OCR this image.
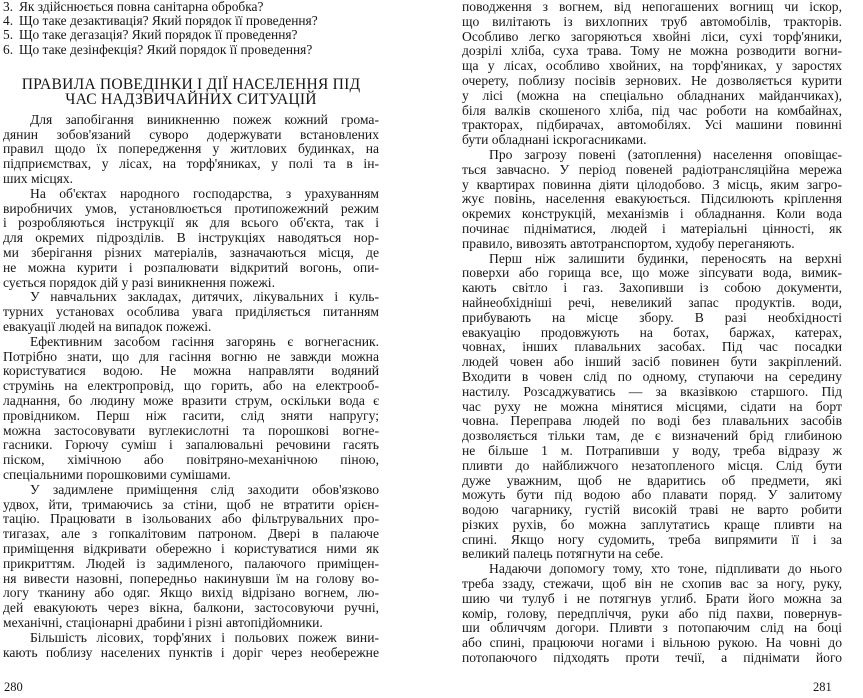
3. Як здійснюється повна санітарна обробка?

4. Що таке дезактивація? Який порядок її проведення?

5. Що таке дегазація? Який порядок її проведення?

6. Що таке дезінфекція? Який порядок її проведення?

ПРАВИЛА ПОВЕДІНКИ І ДІЇ НАСЕЛЕННЯ ПІД
ЧАС НАДЗВИЧАЙНИХ СИТУАЦІЙ

Для запобігання виникненню пожеж кожний грома-
дянин зобов'язаний суворо додержувати встановлених
правил щодо їх попередження у житлових будинках, на
підприємствах, у лісах, на торф'яниках, у полі та в ін-
ших місцях.

На об'єктах народного господарства, з урахуванням
виробничих умов, установлюється протипожежний режим
і розробляються інструкції як для всього об'єкта, так і
для окремих підрозділів. В інструкціях наводяться нор-
ми зберігання різних матеріалів, зазначаються місця, де
не можна курити і розпалювати відкритий вогонь, опи-
сується порядок дій у разі виникнення пожежі.

У навчальних закладах, дитячих, лікувальних і куль-
турних установах особлива увага приділяється питанням
евакуації людей на випадок пожежі.

Ефективним засобом гасіння загорянь є вогнегасник.
Потрібно знати, що для гасіння вогню не завжди можна
користуватися водою. Не можна направляти водяний
струмінь на електропровід, що горить, або на електрооб-
ладнання, бо людину може вразити струм, оскільки вода є
провідником. Перш ніж гасити, слід зняти напругу;
можна застосовувати вуглекислотні та порошкові вогне-
гасники. Горючу суміш і запалювальні речовини гасять
піском, хімічною або повітряно-механічною піною,
спеціальними порошковими сумішами.

У задимлене приміщення слід заходити обов'язково
удвох, йти, тримаючись за стіни, щоб не втратити орієн-
тацію. Працювати в ізольованих або фільтрувальних про-
тигазах, але з гопкалітовим патроном. Двері в палаюче
приміщення відкривати обережно і користуватися ними як
прикриттям. Людей із задимленого, палаючого приміщен-
ня вивести назовні, попередньо накинувши їм на голову во-
логу тканину або одяг. Якщо вихід відрізано вогнем, лю-
дей евакуюють через вікна, балкони, застосовуючи ручні,
механічні, стаціонарні драбини і різні автопідйомники.

Більшість лісових, торф'яних і польових пожеж вини-
кають поблизу населених пунктів і доріг через необережне

280

поводження з вогнем, від непогашених вогнищ чи іскор,
що вилітають із вихлопних труб автомобілів, тракторів.
Особливо легко загоряються хвойні ліси, сухі торф'яники,
дозрілі хліба, суха трава. Тому не можна розводити вогни-
ща у лісах, особливо хвойних, на торф'яниках, у заростях
очерету, поблизу посівів зернових. Не дозволяється курити
у лісі (можна на спеціально обладнаних майданчиках),
біля валків скошеного хліба, під час роботи на комбайнах,
тракторах, підбирачах, автомобілях. Усі машини повинні
бути обладнані іскрогасниками.

Про загрозу повені (затоплення) населення оповіщає-
ться завчасно. У період повеней радіотрансляційна мережа
у квартирах повинна діяти цілодобово. З місць, яким загро-
жує повінь, населення евакуюється. Підсилюють кріплення
окремих конструкцій, механізмів і обладнання. Коли вода
починає підніматися, людей і матеріальні цінності, як
правило, вивозять автотранспортом, худобу переганяють.

Перш ніж залишити будинки, переносять на верхні
поверхи або горища все, що може зіпсувати вода, вимик-
кають світло і газ. Захопивши із собою документи,
найнеобхідніші речі, невеликий запас продуктів. води,
прибувають на місце збору. В разі необхідності
евакуацію продовжують на ботах, баржах, катерах,
човнах, інших плавальних засобах. Під час посадки
людей човен або інший засіб повинен бути закріплений.
Входити в човен слід по одному, ступаючи на середину
настилу. Розсаджуватись — за вказівкою старшого. Під
час руху не можна мінятися місцями, сідати на борт
човна. Переправа людей по воді без плавальних засобів
дозволяється тільки там, де є визначений брід глибиною
не більше 1 м. Потрапивши у воду, треба відразу ж
пливти до найближчого незатопленого місця. Слід бути
дуже уважним, щоб не вдаритись об предмети, які
можуть бути під водою або плавати поряд. У залитому
водою чагарнику, густій високій траві не варто робити
різких рухів, бо можна заплутатись краще пливти на
спині. Якщо ногу судомить, треба випрямити її і за
великий палець потягнути на себе.

Надаючи допомогу тому, хто тоне, підпливати до нього
треба ззаду, стежачи, щоб він не схопив вас за ногу, руку,
шию чи тулуб і не потягнув углиб. Брати його можна за
комір, голову, передпліччя, руки або під пахви, повернув-
ши обличчям догори. Пливти з потопаючим слід на боці
або спині, працюючи ногами і вільною рукою. На човні до
потопаючого підходять проти течії, а піднімати його

281
